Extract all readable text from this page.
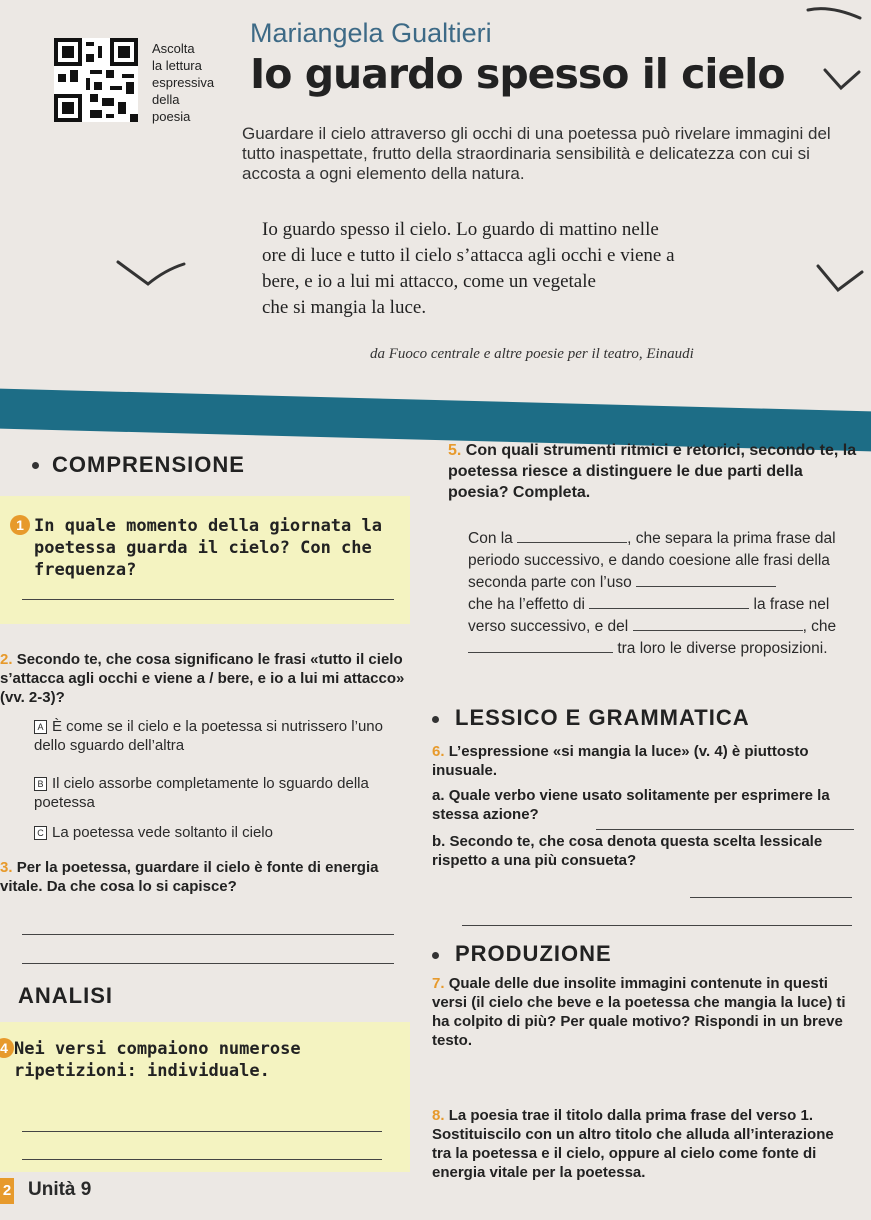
Ascolta
la lettura
espressiva
della
poesia
Mariangela Gualtieri
Io guardo spesso il cielo
Guardare il cielo attraverso gli occhi di una poetessa può rivelare immagini del tutto inaspettate, frutto della straordinaria sensibilità e delicatezza con cui si accosta a ogni elemento della natura.
Io guardo spesso il cielo. Lo guardo di mattino nelle
ore di luce e tutto il cielo s’attacca agli occhi e viene a
bere, e io a lui mi attacco, come un vegetale
che si mangia la luce.
da Fuoco centrale e altre poesie per il teatro, Einaudi
COMPRENSIONE
1 In quale momento della giornata la poetessa guarda il cielo? Con che frequenza?
2. Secondo te, che cosa significano le frasi «tutto il cielo s’attacca agli occhi e viene a / bere, e io a lui mi attacco» (vv. 2-3)?
A È come se il cielo e la poetessa si nutrissero l’uno dello sguardo dell’altra
B Il cielo assorbe completamente lo sguardo della poetessa
C La poetessa vede soltanto il cielo
3. Per la poetessa, guardare il cielo è fonte di energia vitale. Da che cosa lo si capisce?
ANALISI
4 Nei versi compaiono numerose ripetizioni: individuale.
2 Unità 9
5. Con quali strumenti ritmici e retorici, secondo te, la poetessa riesce a distinguere le due parti della poesia? Completa.
Con la	, che separa la prima frase dal periodo successivo, e dando coesione alle frasi della seconda parte con l’uso
che ha l’effetto di	la frase nel verso successivo, e del	, che  tra loro le diverse proposizioni.
LESSICO E GRAMMATICA
6. L’espressione «si mangia la luce» (v. 4) è piuttosto inusuale.
a. Quale verbo viene usato solitamente per esprimere la stessa azione?
b. Secondo te, che cosa denota questa scelta lessicale rispetto a una più consueta?
PRODUZIONE
7. Quale delle due insolite immagini contenute in questi versi (il cielo che beve e la poetessa che mangia la luce) ti ha colpito di più? Per quale motivo? Rispondi in un breve testo.
8. La poesia trae il titolo dalla prima frase del verso 1. Sostituiscilo con un altro titolo che alluda all’interazione tra la poetessa e il cielo, oppure al cielo come fonte di energia vitale per la poetessa.
